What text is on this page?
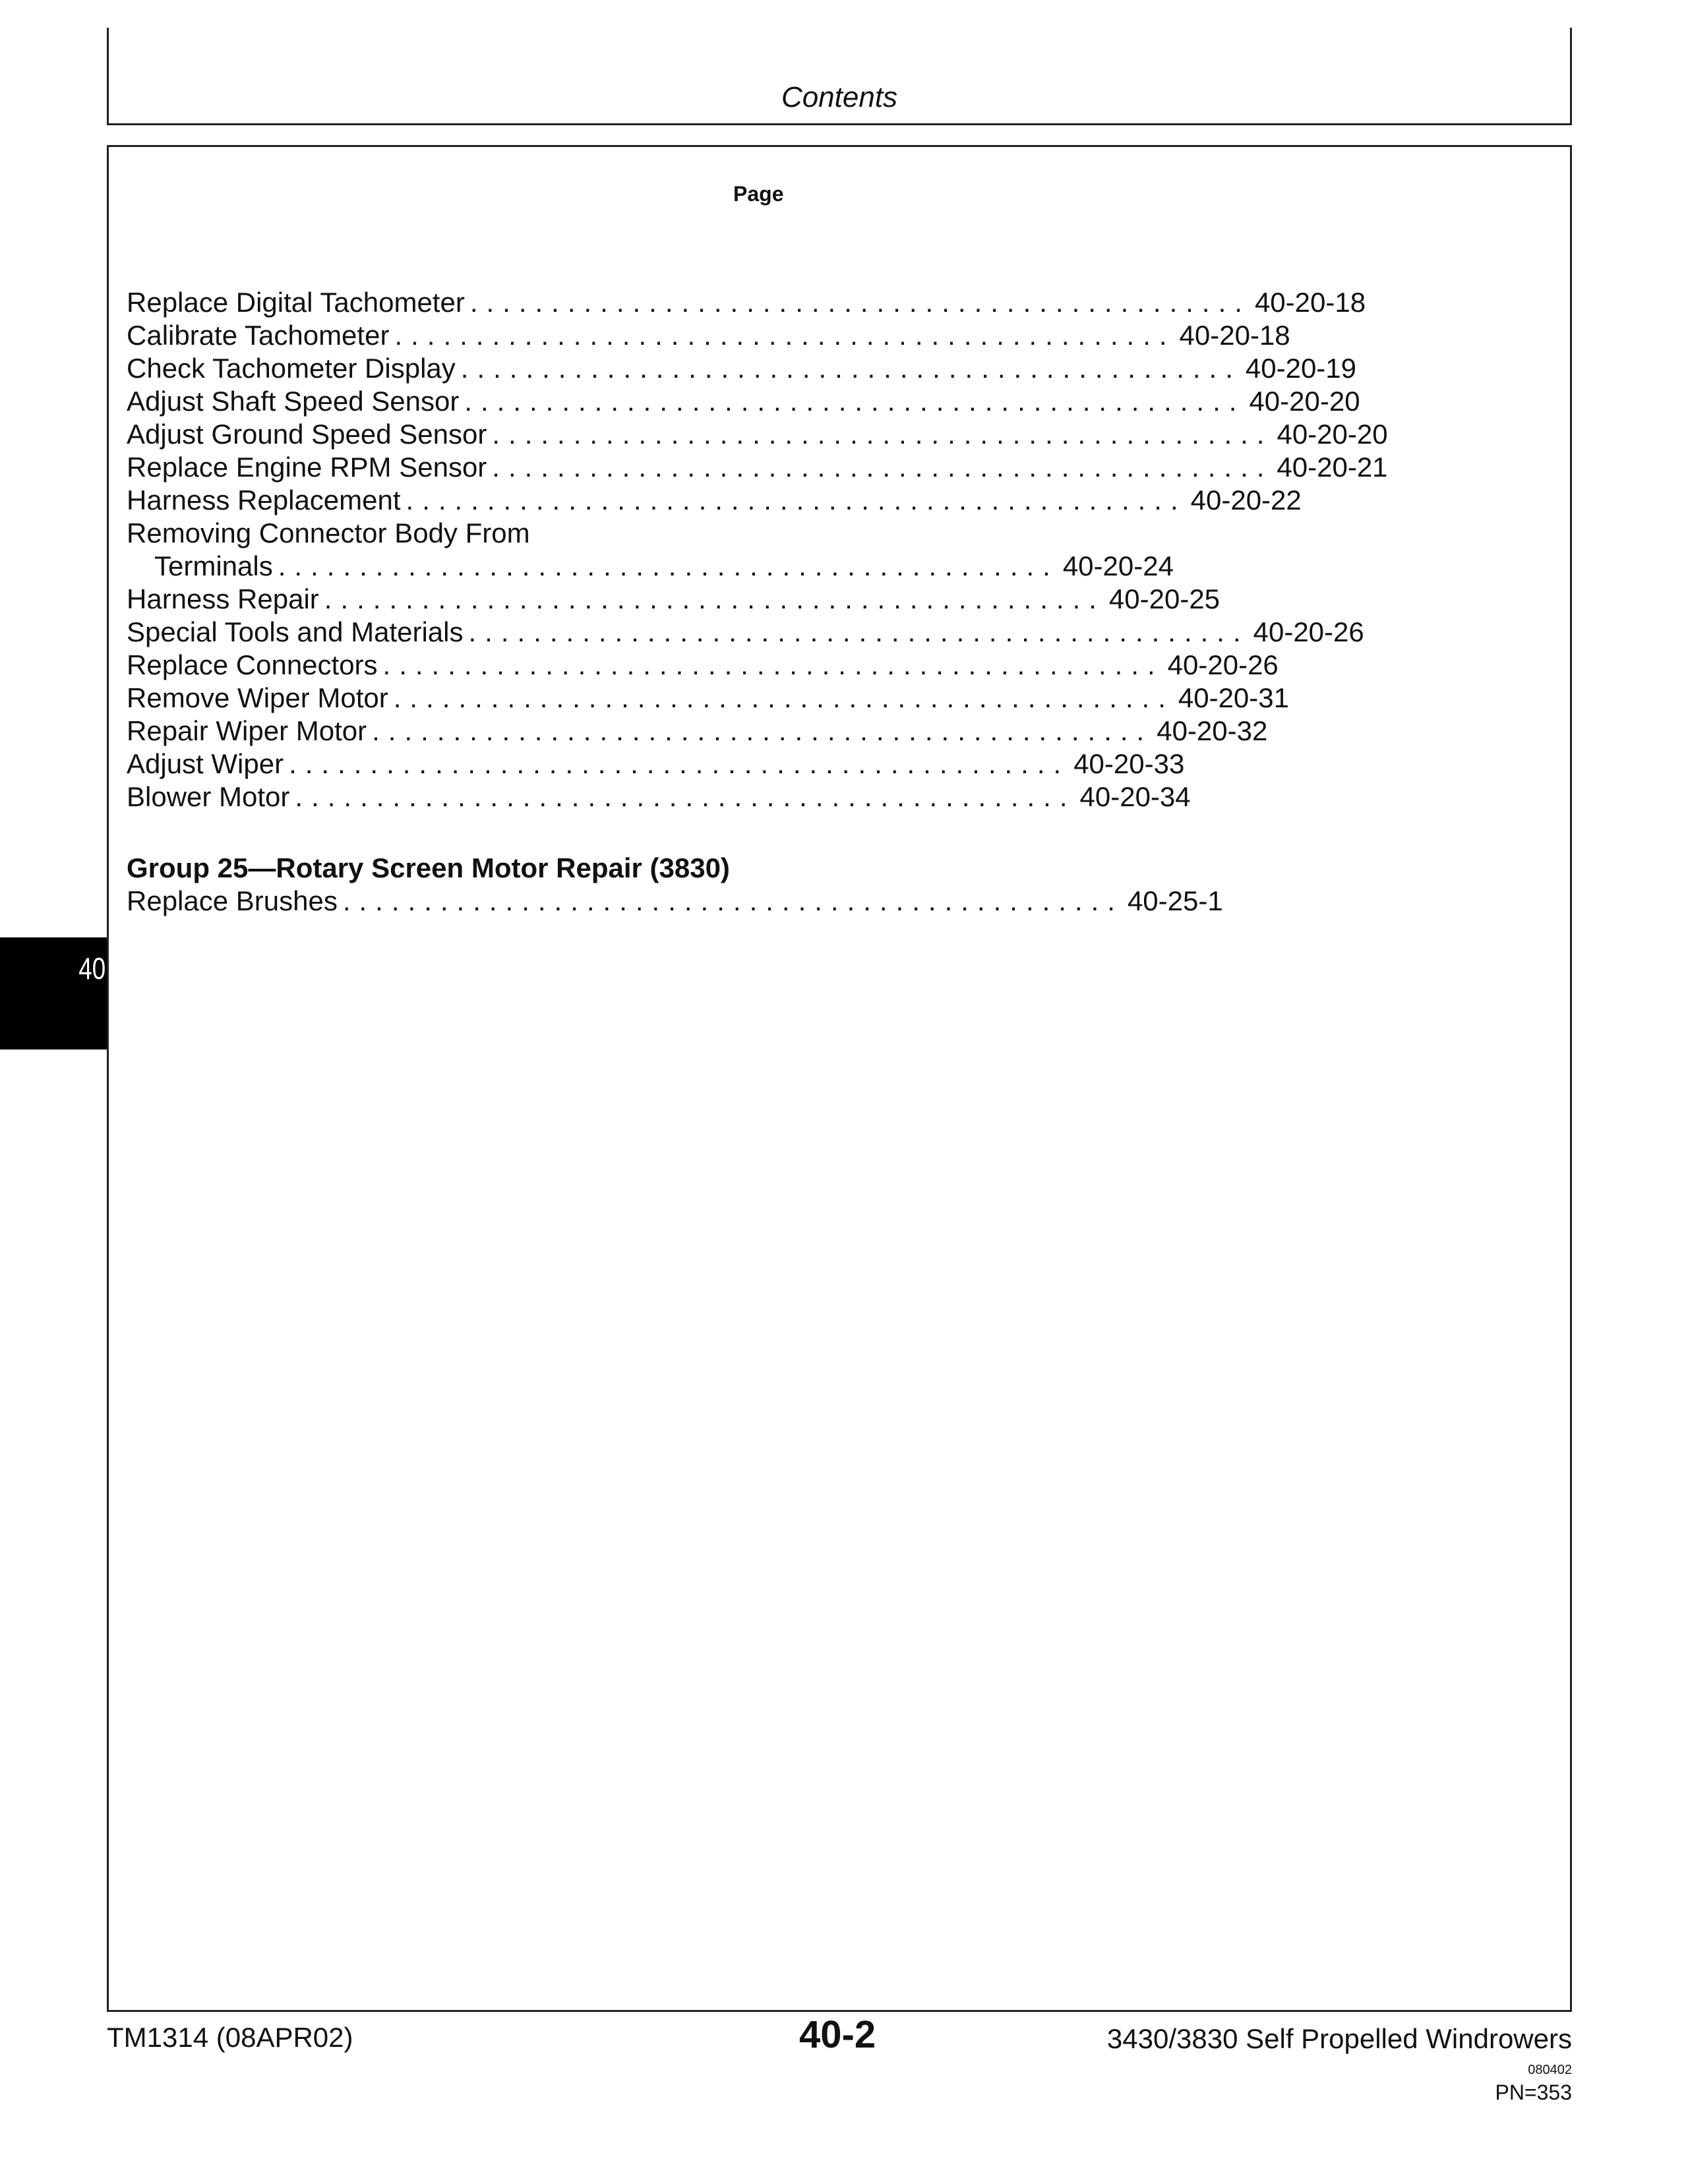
Contents
Page
Replace Digital Tachometer ................................................ 40-20-18
Calibrate Tachometer ................................................ 40-20-18
Check Tachometer Display ................................................ 40-20-19
Adjust Shaft Speed Sensor ................................................ 40-20-20
Adjust Ground Speed Sensor ................................................ 40-20-20
Replace Engine RPM Sensor ................................................ 40-20-21
Harness Replacement ................................................ 40-20-22
Removing Connector Body From
Terminals ................................................ 40-20-24
Harness Repair ................................................ 40-20-25
Special Tools and Materials ................................................ 40-20-26
Replace Connectors ................................................ 40-20-26
Remove Wiper Motor ................................................ 40-20-31
Repair Wiper Motor ................................................ 40-20-32
Adjust Wiper ................................................ 40-20-33
Blower Motor ................................................ 40-20-34
Group 25—Rotary Screen Motor Repair (3830)
Replace Brushes ................................................ 40-25-1
40
TM1314 (08APR02)	40-2	3430/3830 Self Propelled Windrowers
080402
PN=353
